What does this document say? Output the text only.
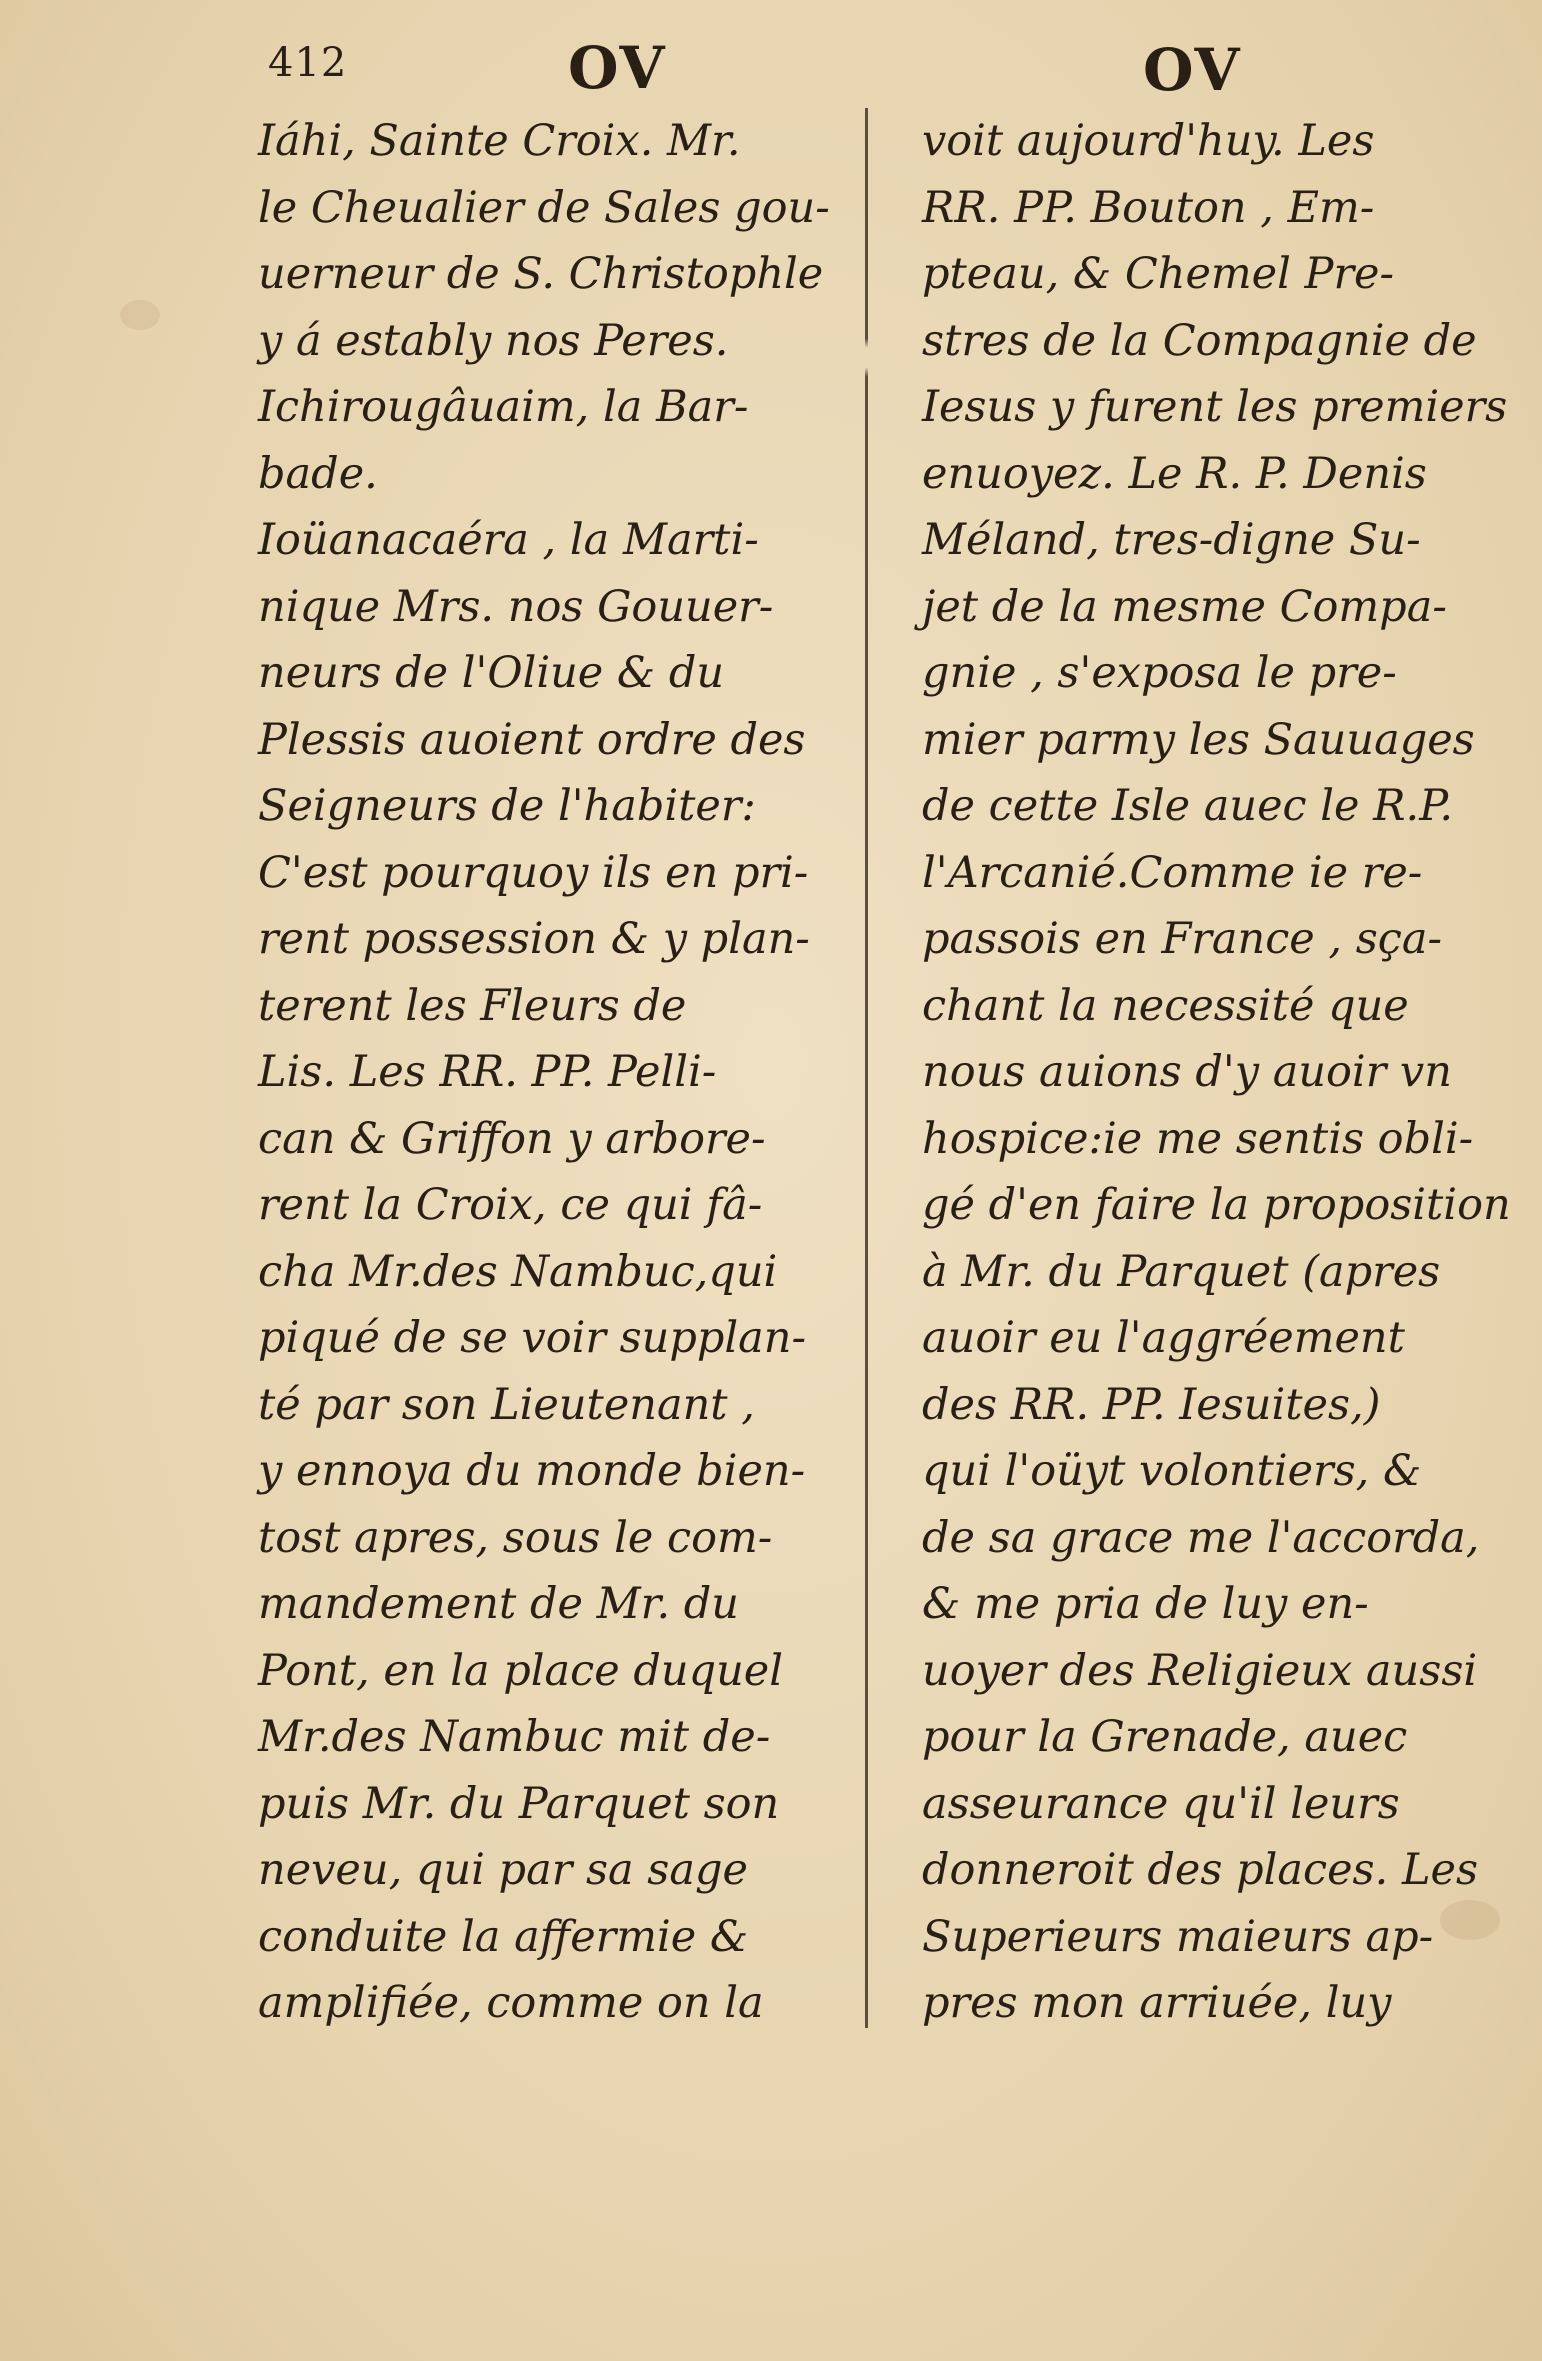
412	OV	OV
Iáhi, Sainte Croix. Mr.
le Cheualier de Sales gou-
uerneur de S. Christophle
y á estably nos Peres.
Ichirougâuaim, la Bar-
bade.
Ioüanacaéra , la Marti-
nique Mrs. nos Gouuer-
neurs de l'Oliue & du
Plessis auoient ordre des
Seigneurs de l'habiter:
C'est pourquoy ils en pri-
rent possession & y plan-
terent les Fleurs de
Lis. Les RR. PP. Pelli-
can & Griffon y arbore-
rent la Croix, ce qui fâ-
cha Mr.des Nambuc,qui
piqué de se voir supplan-
té par son Lieutenant ,
y ennoya du monde bien-
tost apres, sous le com-
mandement de Mr. du
Pont, en la place duquel
Mr.des Nambuc mit de-
puis Mr. du Parquet son
neveu, qui par sa sage
conduite la affermie &
amplifiée, comme on la
voit aujourd'huy. Les
RR. PP. Bouton , Em-
pteau, & Chemel Pre-
stres de la Compagnie de
Iesus y furent les premiers
enuoyez. Le R. P. Denis
Méland, tres-digne Su-
jet de la mesme Compa-
gnie , s'exposa le pre-
mier parmy les Sauuages
de cette Isle auec le R.P.
l'Arcanié.Comme ie re-
passois en France , sça-
chant la necessité que
nous auions d'y auoir vn
hospice:ie me sentis obli-
gé d'en faire la proposition
à Mr. du Parquet (apres
auoir eu l'aggréement
des RR. PP. Iesuites,)
qui l'oüyt volontiers, &
de sa grace me l'accorda,
& me pria de luy en-
uoyer des Religieux aussi
pour la Grenade, auec
asseurance qu'il leurs
donneroit des places. Les
Superieurs maieurs ap-
pres mon arriuée, luy
